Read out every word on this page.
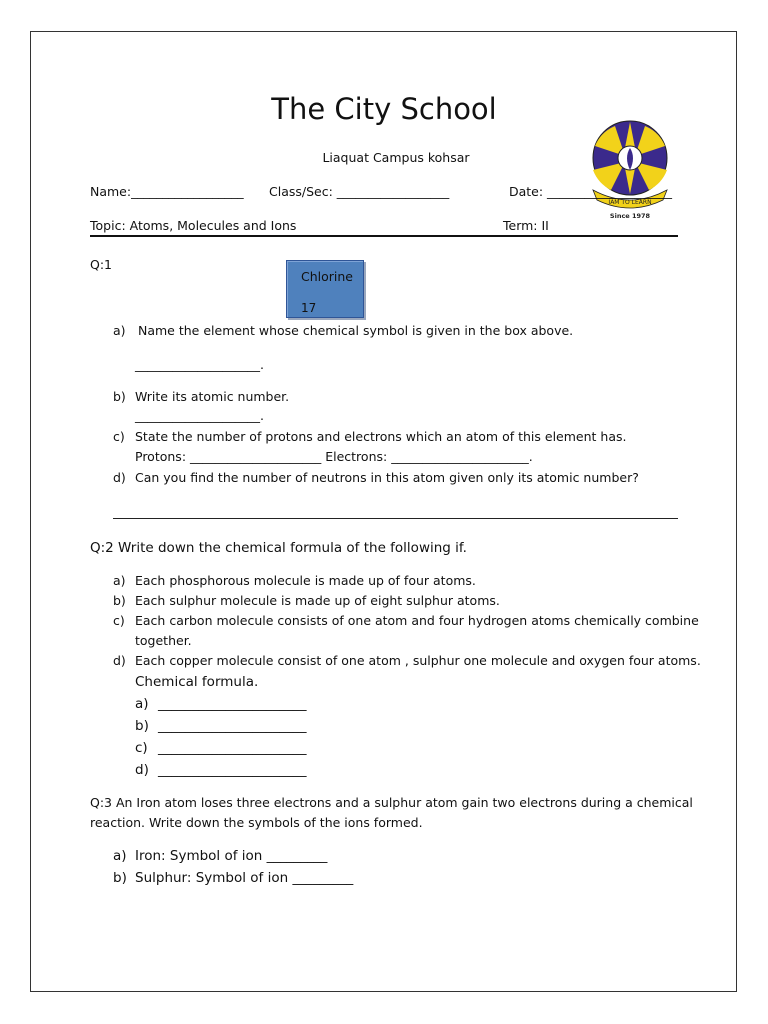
The City School
Liaquat Campus kohsar
IAM TO LEARN
Since 1978
Name:__________________ Class/Sec: __________________	Date: ____________________
Topic: Atoms, Molecules and Ions	Term: II
Q:1
Chlorine
17
a) Name the element whose chemical symbol is given in the box above.
____________________.
b) Write its atomic number.
____________________.
c) State the number of protons and electrons which an atom of this element has.
Protons: _____________________ Electrons: ______________________.
d) Can you find the number of neutrons in this atom given only its atomic number?
Q:2 Write down the chemical formula of the following if.
a) Each phosphorous molecule is made up of four atoms.
b) Each sulphur molecule is made up of eight sulphur atoms.
c) Each carbon molecule consists of one atom and four hydrogen atoms chemically combine
together.
d) Each copper molecule consist of one atom , sulphur one molecule and oxygen four atoms.
Chemical formula.
a) ______________________
b) ______________________
c) ______________________
d) ______________________
Q:3 An Iron atom loses three electrons and a sulphur atom gain two electrons during a chemical
reaction. Write down the symbols of the ions formed.
a) Iron: Symbol of ion _________
b) Sulphur: Symbol of ion _________
